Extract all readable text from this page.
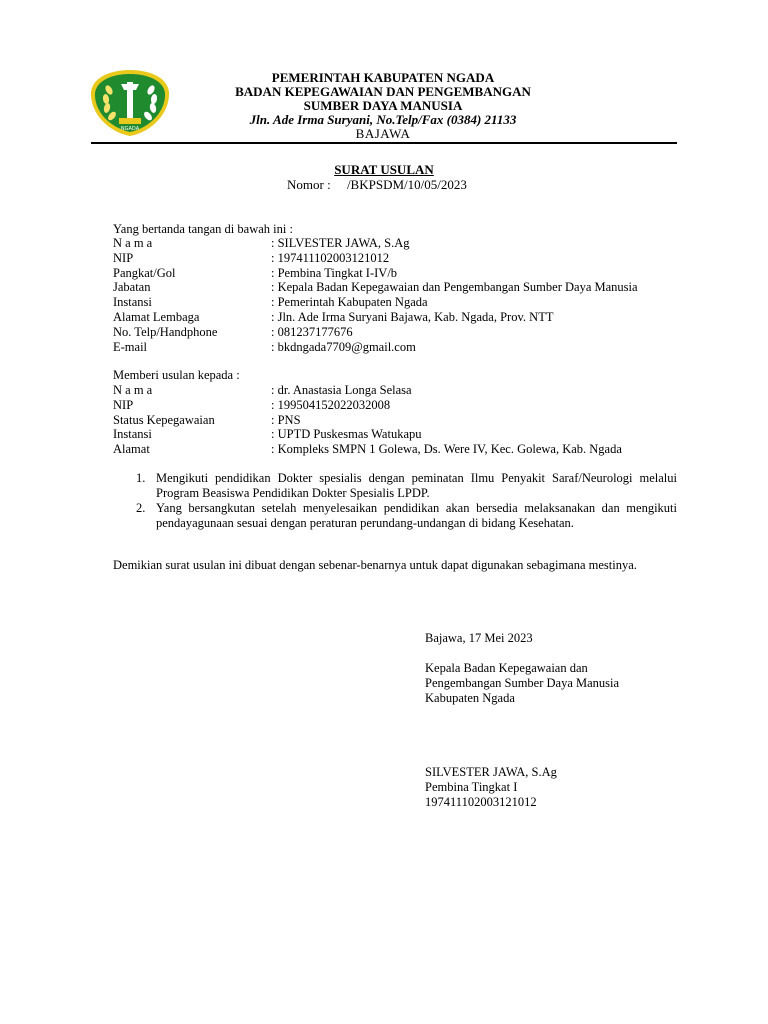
NGADA
PEMERINTAH KABUPATEN NGADA
BADAN KEPEGAWAIAN DAN PENGEMBANGAN
SUMBER DAYA MANUSIA
Jln. Ade Irma Suryani, No.Telp/Fax (0384) 21133
BAJAWA
SURAT USULAN
Nomor :     /BKPSDM/10/05/2023
Yang bertanda tangan di bawah ini :
N a m a	: SILVESTER JAWA, S.Ag
NIP	: 197411102003121012
Pangkat/Gol	: Pembina Tingkat I-IV/b
Jabatan	: Kepala Badan Kepegawaian dan Pengembangan Sumber Daya Manusia
Instansi	: Pemerintah Kabupaten Ngada
Alamat Lembaga	: Jln. Ade Irma Suryani Bajawa, Kab. Ngada, Prov. NTT
No. Telp/Handphone	: 081237177676
E-mail	: bkdngada7709@gmail.com
Memberi usulan kepada :
N a m a	: dr. Anastasia Longa Selasa
NIP	: 199504152022032008
Status Kepegawaian	: PNS
Instansi	: UPTD Puskesmas Watukapu
Alamat	: Kompleks SMPN 1 Golewa, Ds. Were IV, Kec. Golewa, Kab. Ngada
1. Mengikuti pendidikan Dokter spesialis dengan peminatan Ilmu Penyakit Saraf/Neurologi melalui Program Beasiswa Pendidikan Dokter Spesialis LPDP.
2. Yang bersangkutan setelah menyelesaikan pendidikan akan bersedia melaksanakan dan mengikuti pendayagunaan sesuai dengan peraturan perundang-undangan di bidang Kesehatan.
Demikian surat usulan ini dibuat dengan sebenar-benarnya untuk dapat digunakan sebagimana mestinya.
Bajawa, 17 Mei 2023
Kepala Badan Kepegawaian dan
Pengembangan Sumber Daya Manusia
Kabupaten Ngada
SILVESTER JAWA, S.Ag
Pembina Tingkat I
197411102003121012
